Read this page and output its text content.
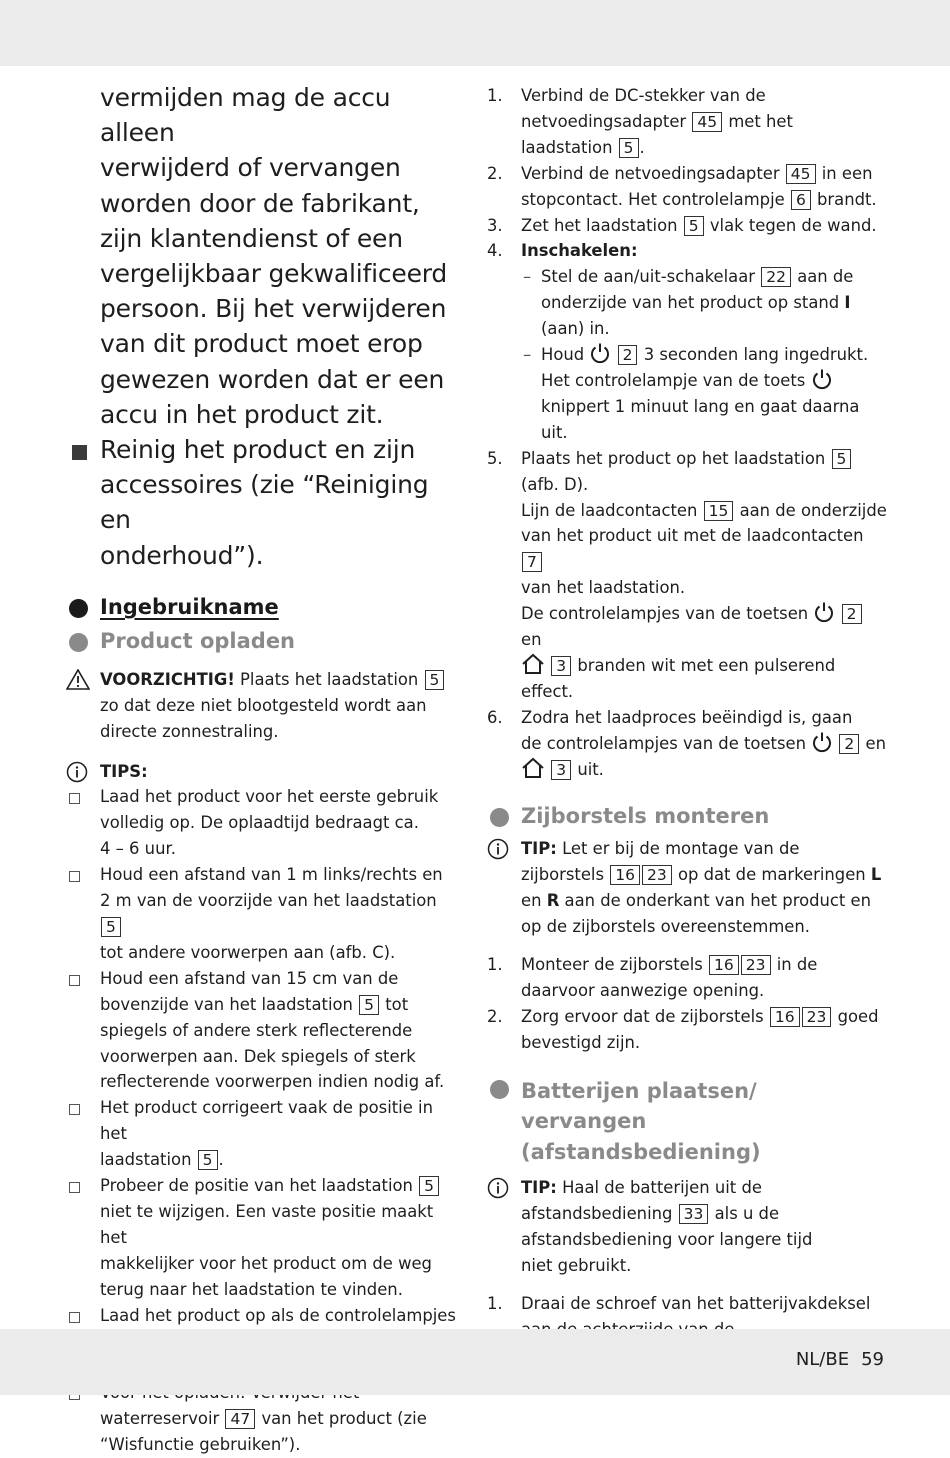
vermijden mag de accu alleen
verwijderd of vervangen
worden door de fabrikant,
zijn klantendienst of een
vergelijkbaar gekwalificeerd
persoon. Bij het verwijderen
van dit product moet erop
gewezen worden dat er een
accu in het product zit.

Reinig het product en zijn
accessoires (zie “Reiniging en
onderhoud”).

Ingebruikname

Product opladen

VOORZICHTIG! Plaats het laadstation 5
zo dat deze niet blootgesteld wordt aan
directe zonnestraling.

TIPS:

Laad het product voor het eerste gebruik
volledig op. De oplaadtijd bedraagt ca.
4 – 6 uur.

Houd een afstand van 1 m links/rechts en
2 m van de voorzijde van het laadstation 5
tot andere voorwerpen aan (afb. C).

Houd een afstand van 15 cm van de
bovenzijde van het laadstation 5 tot
spiegels of andere sterk reflecterende
voorwerpen aan. Dek spiegels of sterk
reflecterende voorwerpen indien nodig af.

Het product corrigeert vaak de positie in het
laadstation 5 .

Probeer de positie van het laadstation 5
niet te wijzigen. Een vaste positie maakt het
makkelijker voor het product om de weg
terug naar het laadstation te vinden.

Laad het product op als de controlelampjes

waterreservoir 47 van het product (zie
“Wisfunctie gebruiken”).

1. Verbind de DC-stekker van de
netvoedingsadapter 45 met het
laadstation 5 .

2. Verbind de netvoedingsadapter 45 in een
stopcontact. Het controlelampje 6 brandt.

3. Zet het laadstation 5 vlak tegen de wand.

4. Inschakelen:

– Stel de aan/uit-schakelaar 22 aan de
onderzijde van het product op stand I
(aan) in.

– Houd 2 3 seconden lang ingedrukt.
Het controlelampje van de toets
knippert 1 minuut lang en gaat daarna uit.

5. Plaats het product op het laadstation 5
(afb. D).
Lijn de laadcontacten 15 aan de onderzijde
van het product uit met de laadcontacten 7
van het laadstation.
De controlelampjes van de toetsen 2 en
3 branden wit met een pulserend effect.

6. Zodra het laadproces beëindigd is, gaan
de controlelampjes van de toetsen 2 en
3 uit.

Zijborstels monteren

TIP: Let er bij de montage van de
zijborstels 16 23 op dat de markeringen L
en R aan de onderkant van het product en
op de zijborstels overeenstemmen.

1. Monteer de zijborstels 16 23 in de
daarvoor aanwezige opening.

2. Zorg ervoor dat de zijborstels 16 23 goed
bevestigd zijn.

Batterijen plaatsen/
vervangen
(afstandsbediening)

TIP: Haal de batterijen uit de
afstandsbediening 33 als u de
afstandsbediening voor langere tijd
niet gebruikt.

1. Draai de schroef van het batterijvakdeksel

NL/BE 59
